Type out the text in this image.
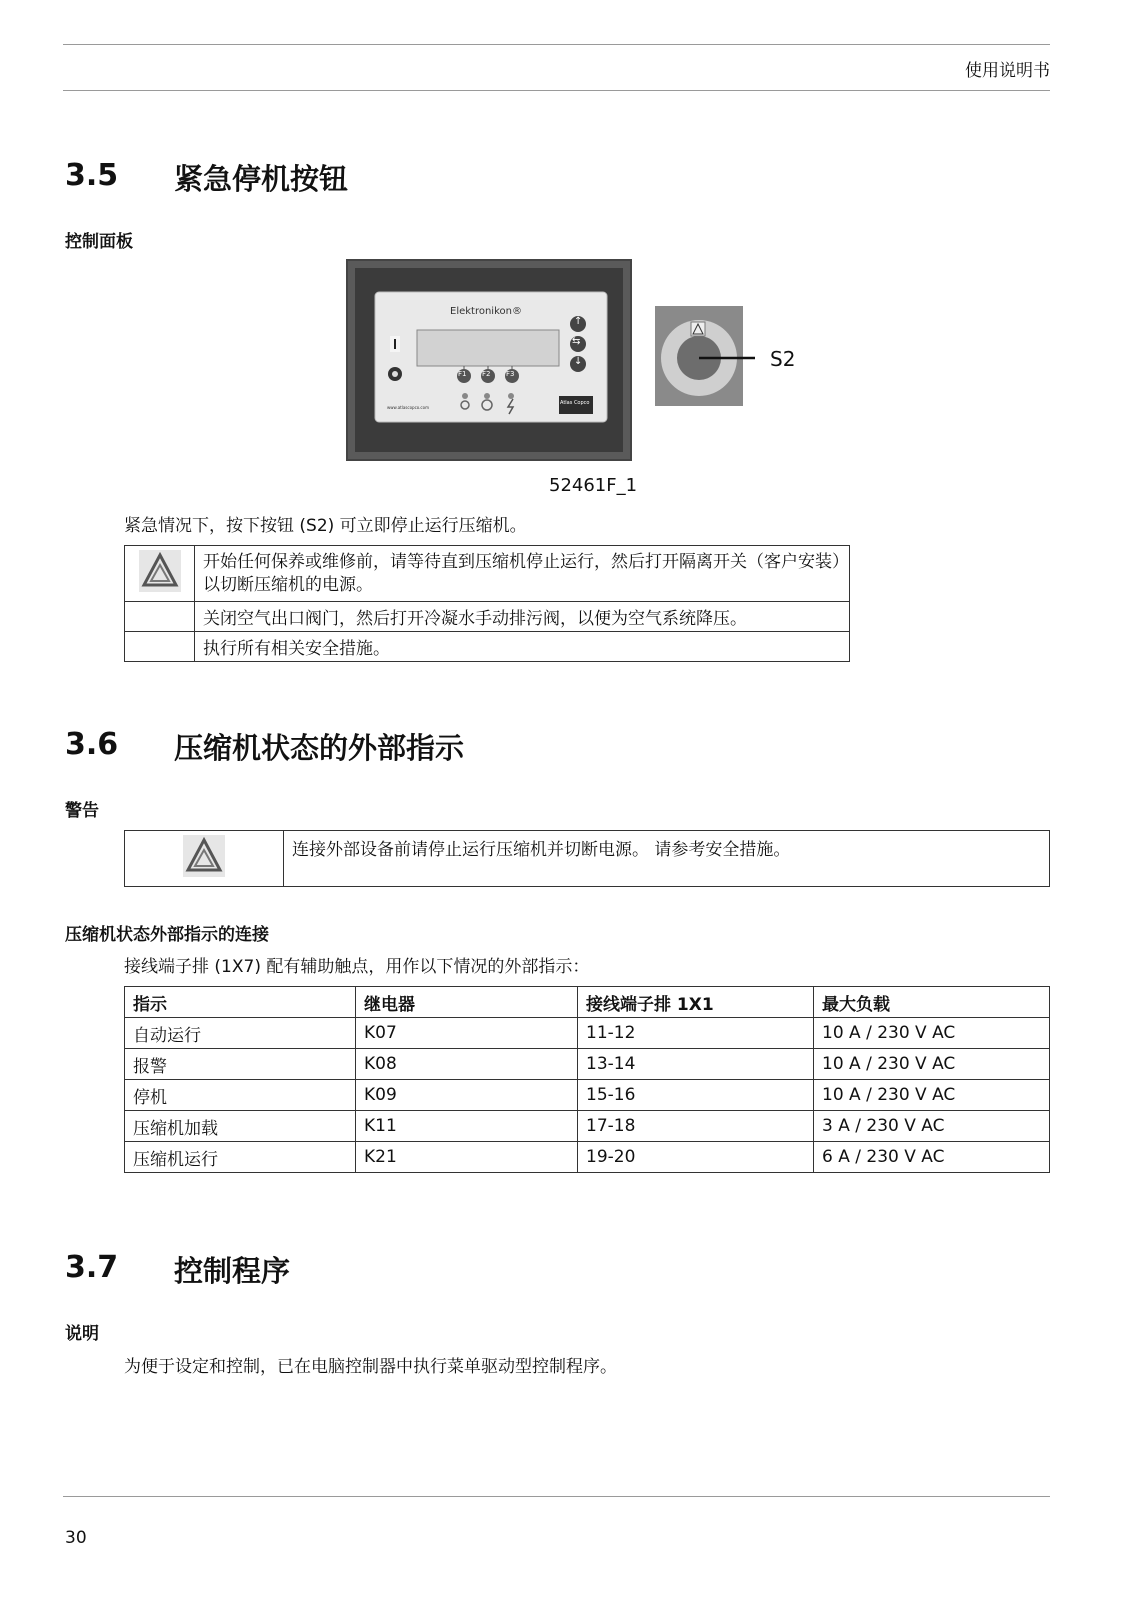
使用说明书
3.5 紧急停机按钮
控制面板
Elektronikon®
www.atlascopco.com
Atlas Copco
F1 F2 F3
↑
⇆
↓	S2
52461F_1
紧急情况下，按下按钮 (S2) 可立即停止运行压缩机。
	开始任何保养或维修前，请等待直到压缩机停止运行，然后打开隔离开关（客户安装）以切断压缩机的电源。
	关闭空气出口阀门，然后打开冷凝水手动排污阀，以便为空气系统降压。
	执行所有相关安全措施。
3.6 压缩机状态的外部指示
警告
	连接外部设备前请停止运行压缩机并切断电源。 请参考安全措施。
压缩机状态外部指示的连接
接线端子排 (1X7) 配有辅助触点，用作以下情况的外部指示：
指示	继电器	接线端子排 1X1	最大负载
自动运行	K07	11-12	10 A / 230 V AC
报警	K08	13-14	10 A / 230 V AC
停机	K09	15-16	10 A / 230 V AC
压缩机加载	K11	17-18	3 A / 230 V AC
压缩机运行	K21	19-20	6 A / 230 V AC
3.7 控制程序
说明
为便于设定和控制，已在电脑控制器中执行菜单驱动型控制程序。
30
